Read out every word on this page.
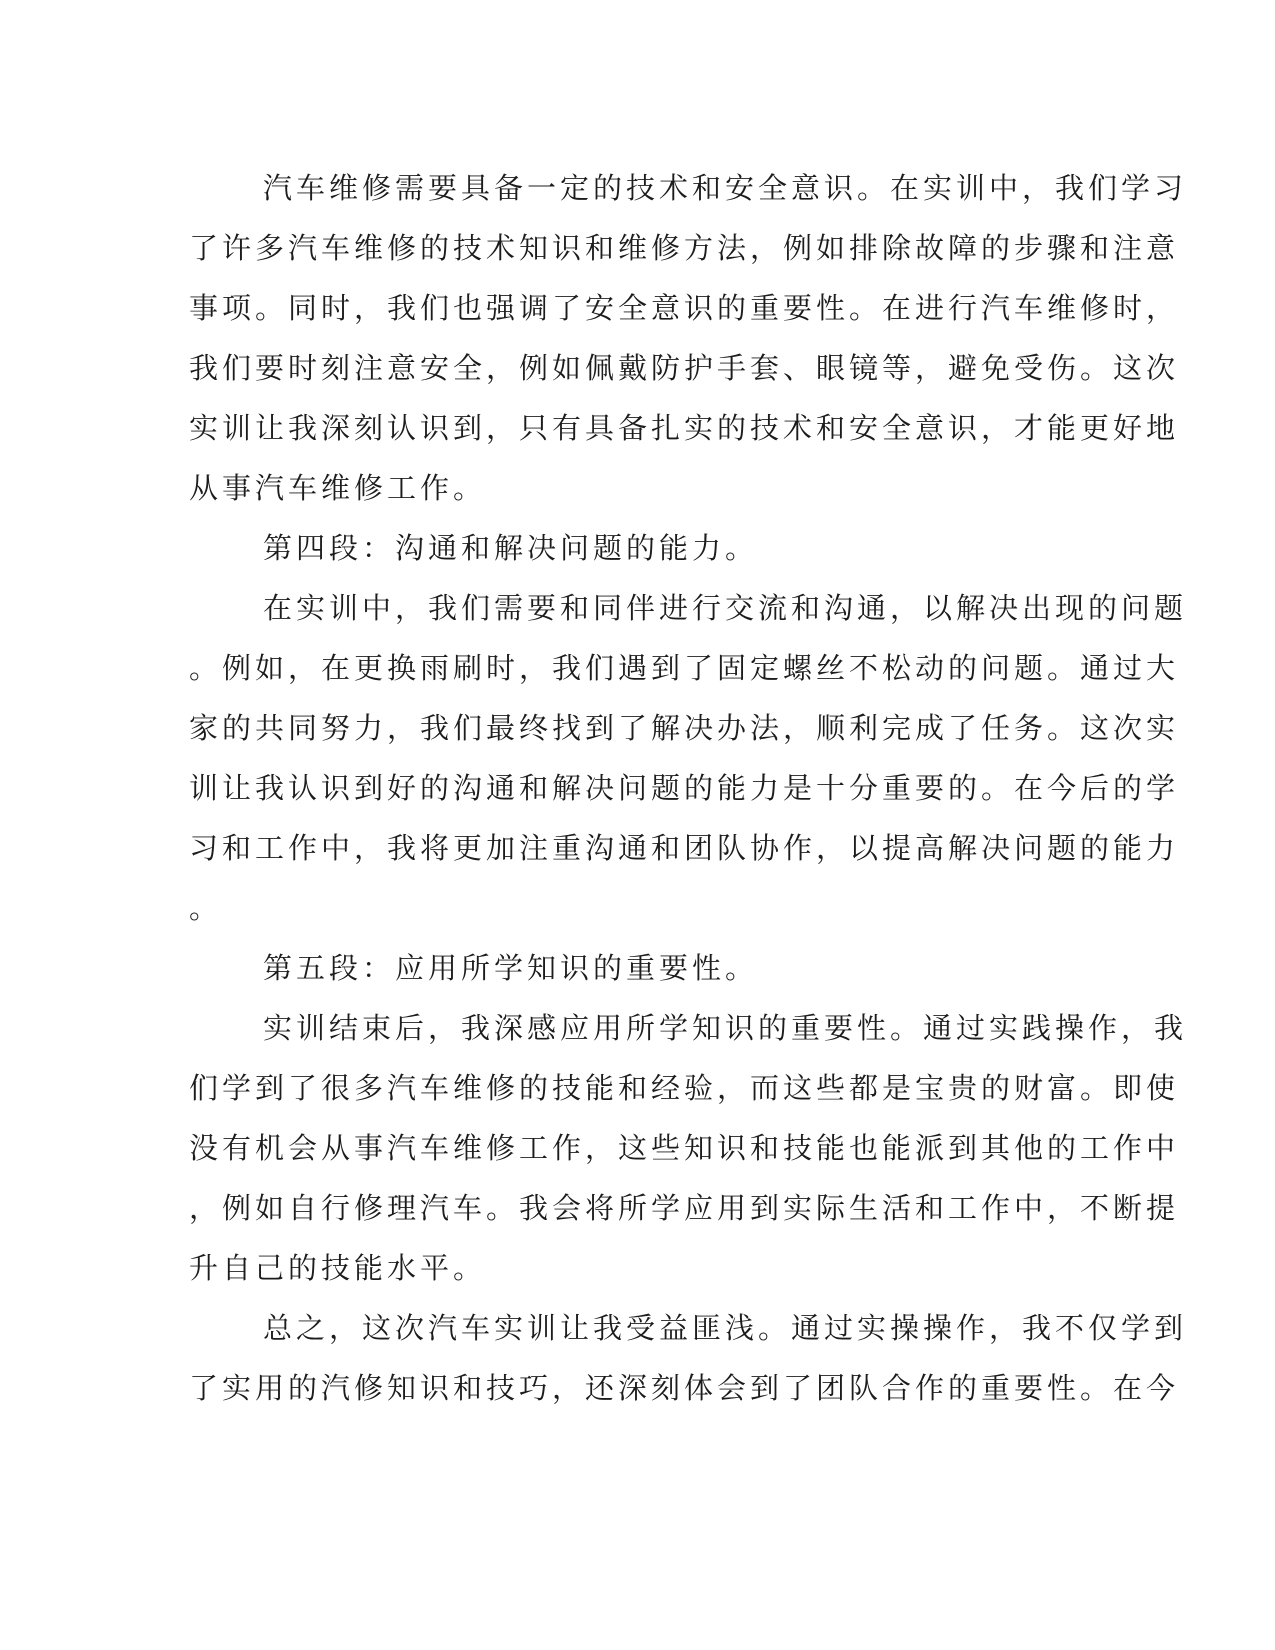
汽车维修需要具备一定的技术和安全意识。在实训中，我们学习
了许多汽车维修的技术知识和维修方法，例如排除故障的步骤和注意
事项。同时，我们也强调了安全意识的重要性。在进行汽车维修时，
我们要时刻注意安全，例如佩戴防护手套、眼镜等，避免受伤。这次
实训让我深刻认识到，只有具备扎实的技术和安全意识，才能更好地
从事汽车维修工作。
第四段：沟通和解决问题的能力。
在实训中，我们需要和同伴进行交流和沟通，以解决出现的问题
。例如，在更换雨刷时，我们遇到了固定螺丝不松动的问题。通过大
家的共同努力，我们最终找到了解决办法，顺利完成了任务。这次实
训让我认识到好的沟通和解决问题的能力是十分重要的。在今后的学
习和工作中，我将更加注重沟通和团队协作，以提高解决问题的能力
。
第五段：应用所学知识的重要性。
实训结束后，我深感应用所学知识的重要性。通过实践操作，我
们学到了很多汽车维修的技能和经验，而这些都是宝贵的财富。即使
没有机会从事汽车维修工作，这些知识和技能也能派到其他的工作中
，例如自行修理汽车。我会将所学应用到实际生活和工作中，不断提
升自己的技能水平。
总之，这次汽车实训让我受益匪浅。通过实操操作，我不仅学到
了实用的汽修知识和技巧，还深刻体会到了团队合作的重要性。在今
